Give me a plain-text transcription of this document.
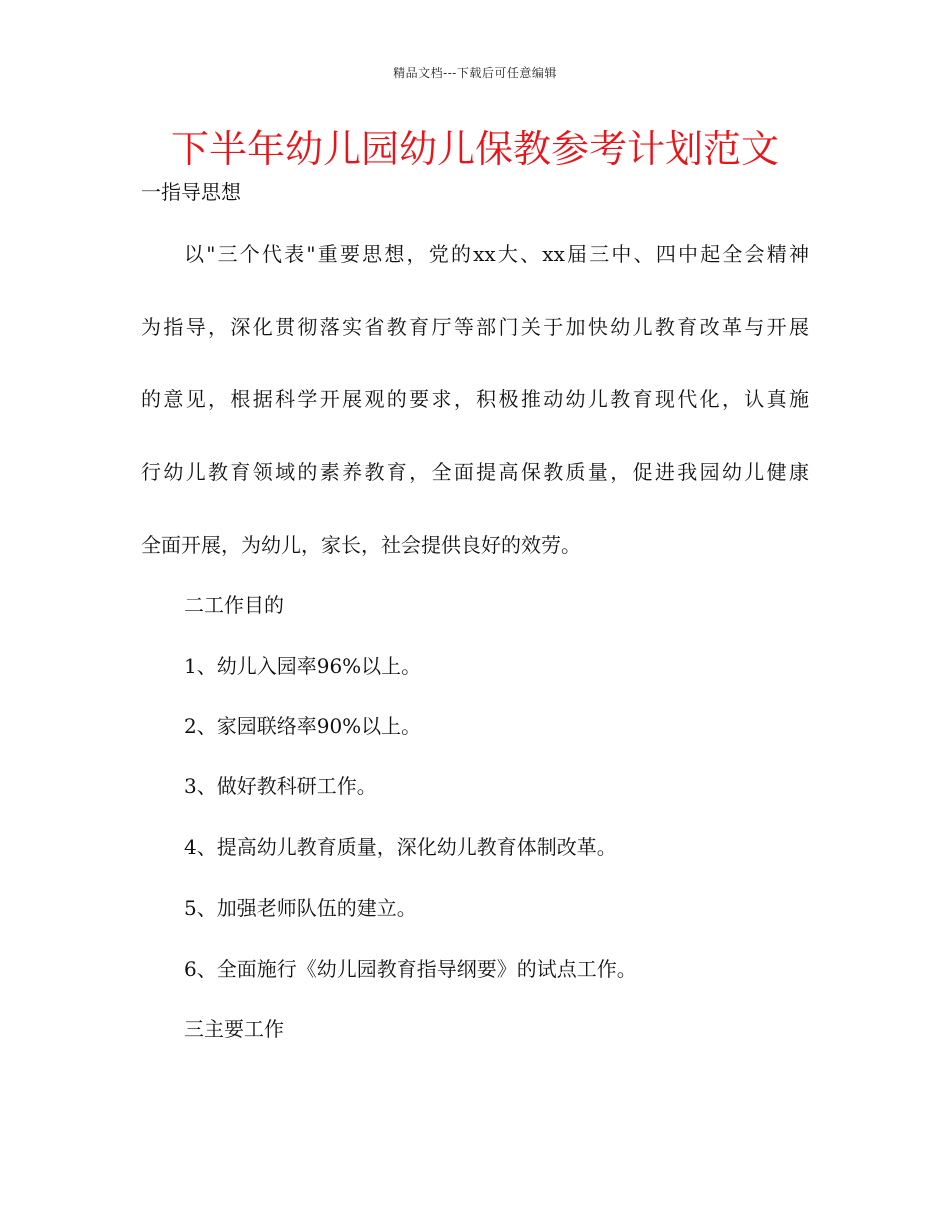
精品文档---下载后可任意编辑
下半年幼儿园幼儿保教参考计划范文
一指导思想
以"三个代表"重要思想，党的xx大、xx届三中、四中起全会精神
为指导，深化贯彻落实省教育厅等部门关于加快幼儿教育改革与开展
的意见，根据科学开展观的要求，积极推动幼儿教育现代化，认真施
行幼儿教育领域的素养教育，全面提高保教质量，促进我园幼儿健康
全面开展，为幼儿，家长，社会提供良好的效劳。
二工作目的
1、幼儿入园率96%以上。
2、家园联络率90%以上。
3、做好教科研工作。
4、提高幼儿教育质量，深化幼儿教育体制改革。
5、加强老师队伍的建立。
6、全面施行《幼儿园教育指导纲要》的试点工作。
三主要工作
